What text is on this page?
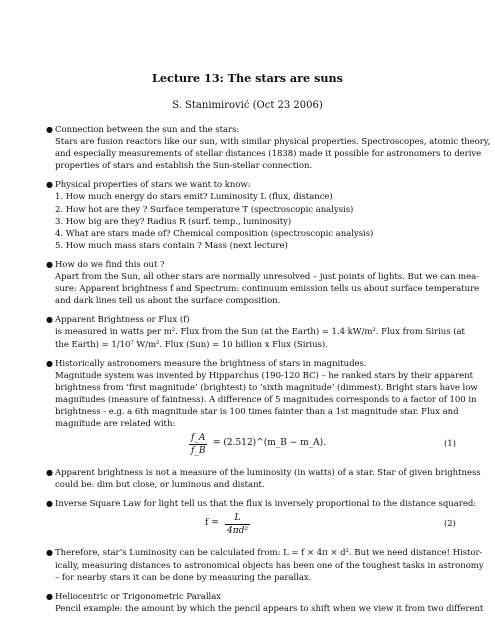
Lecture 13: The stars are suns
S. Stanimirović (Oct 23 2006)
● Connection between the sun and the stars:

Stars are fusion reactors like our sun, with similar physical properties. Spectroscopes, atomic theory,

and especially measurements of stellar distances (1838) made it possible for astronomers to derive

properties of stars and establish the Sun-stellar connection.

● Physical properties of stars we want to know:

1. How much energy do stars emit? Luminosity L (flux, distance)

2. How hot are they ? Surface temperature T (spectroscopic analysis)

3. How big are they? Radius R (surf. temp., luminosity)

4. What are stars made of? Chemical composition (spectroscopic analysis)

5. How much mass stars contain ? Mass (next lecture)

● How do we find this out ?

Apart from the Sun, all other stars are normally unresolved – just points of lights. But we can mea-

sure: Apparent brightness f and Spectrum: continuum emission tells us about surface temperature

and dark lines tell us about the surface composition.

● Apparent Brightness or Flux (f)

is measured in watts per m². Flux from the Sun (at the Earth) = 1.4 kW/m². Flux from Sirius (at

the Earth) = 1/10⁷ W/m². Flux (Sun) = 10 billion x Flux (Sirius).

● Historically astronomers measure the brightness of stars in magnitudes.

Magnitude system was invented by Hipparchus (190-120 BC) – he ranked stars by their apparent

brightness from ‘first magnitude’ (brightest) to ‘sixth magnitude’ (dimmest). Bright stars have low

magnitudes (measure of faintness). A difference of 5 magnitudes corresponds to a factor of 100 in

brightness - e.g. a 6th magnitude star is 100 times fainter than a 1st magnitude star. Flux and

magnitude are related with:

$\frac{f\_A}{f\_B}$ = (2.512)^(m_B − m_A).	(1)
● Apparent brightness is not a measure of the luminosity (in watts) of a star. Star of given brightness

could be: dim but close, or luminous and distant.

● Inverse Square Law for light tell us that the flux is inversely proportional to the distance squared:

$f = \frac{L}{\text{4πd²}}$	(2)
● Therefore, star’s Luminosity can be calculated from: L = f × 4π × d². But we need distance! Histor-

ically, measuring distances to astronomical objects has been one of the toughest tasks in astronomy

– for nearby stars it can be done by measuring the parallax.

● Heliocentric or Trigonometric Parallax

Pencil example: the amount by which the pencil appears to shift when we view it from two different
